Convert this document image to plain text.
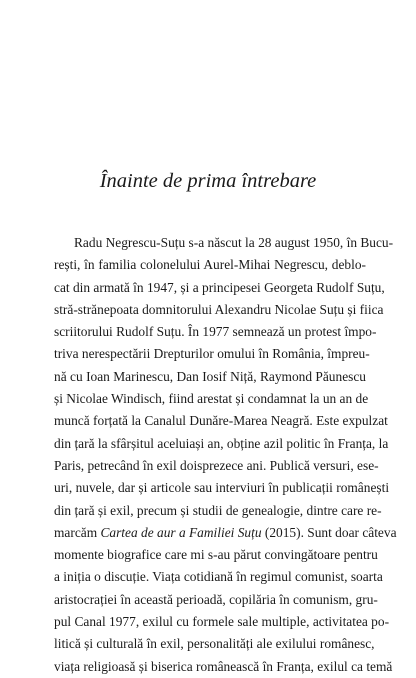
Înainte de prima întrebare
Radu Negrescu-Suțu s-a născut la 28 august 1950, în Bucu-
rești, în familia colonelului Aurel-Mihai Negrescu, deblo-
cat din armată în 1947, și a principesei Georgeta Rudolf Suțu,
stră-strănepoata domnitorului Alexandru Nicolae Suțu și fiica
scriitorului Rudolf Suțu. În 1977 semnează un protest împo-
triva nerespectării Drepturilor omului în România, împreu-
nă cu Ioan Marinescu, Dan Iosif Niță, Raymond Păunescu
și Nicolae Windisch, fiind arestat și condamnat la un an de
muncă forțată la Canalul Dunăre-Marea Neagră. Este expulzat
din țară la sfârșitul aceluiași an, obține azil politic în Franța, la
Paris, petrecând în exil doisprezece ani. Publică versuri, ese-
uri, nuvele, dar și articole sau interviuri în publicații românești
din țară și exil, precum și studii de genealogie, dintre care re-
marcăm Cartea de aur a Familiei Suțu (2015). Sunt doar câteva
momente biografice care mi s-au părut convingătoare pentru
a iniția o discuție. Viața cotidiană în regimul comunist, soarta
aristocrației în această perioadă, copilăria în comunism, gru-
pul Canal 1977, exilul cu formele sale multiple, activitatea po-
litică și culturală în exil, personalități ale exilului românesc,
viața religioasă și biserica românească în Franța, exilul ca temă
